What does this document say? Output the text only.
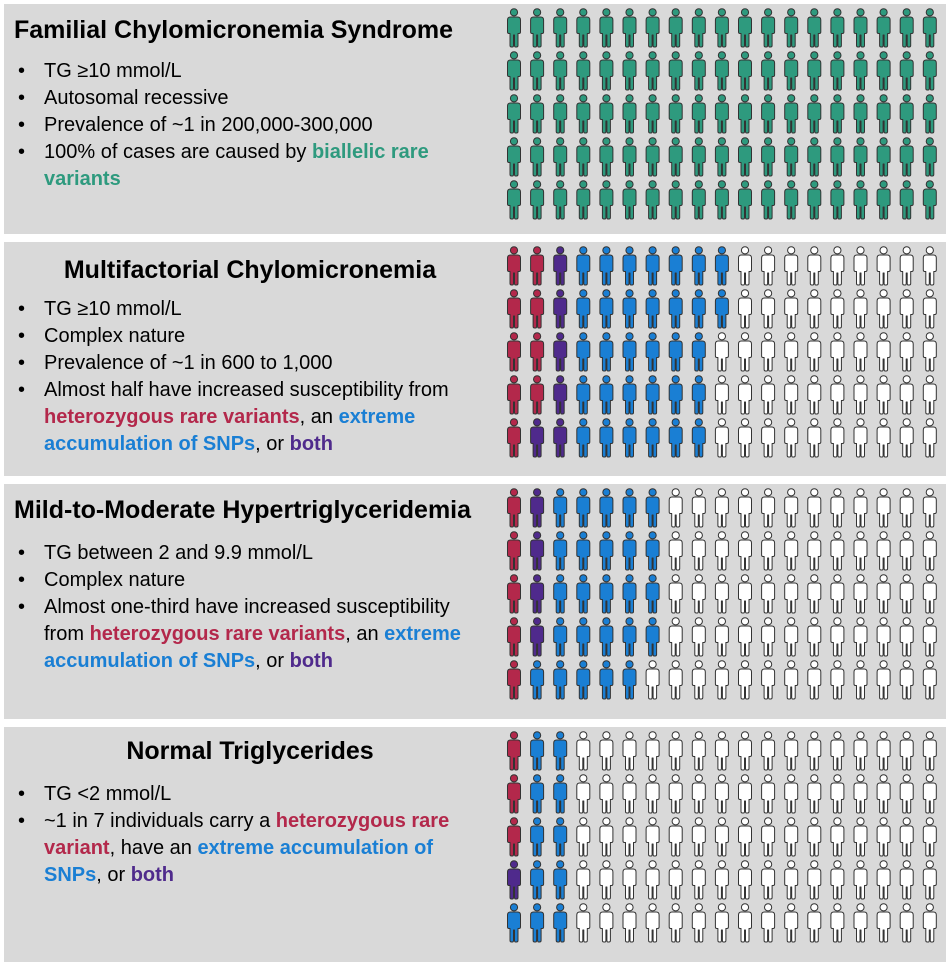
Familial Chylomicronemia Syndrome
• TG ≥10 mmol/L
• Autosomal recessive
• Prevalence of ~1 in 200,000-300,000
• 100% of cases are caused by biallelic rare variants
Multifactorial Chylomicronemia
• TG ≥10 mmol/L
• Complex nature
• Prevalence of ~1 in 600 to 1,000
• Almost half have increased susceptibility from heterozygous rare variants, an extreme accumulation of SNPs, or both
Mild-to-Moderate Hypertriglyceridemia
• TG between 2 and 9.9 mmol/L
• Complex nature
• Almost one-third have increased susceptibility from heterozygous rare variants, an extreme accumulation of SNPs, or both
Normal Triglycerides
• TG <2 mmol/L
• ~1 in 7 individuals carry a heterozygous rare variant, have an extreme accumulation of SNPs, or both
